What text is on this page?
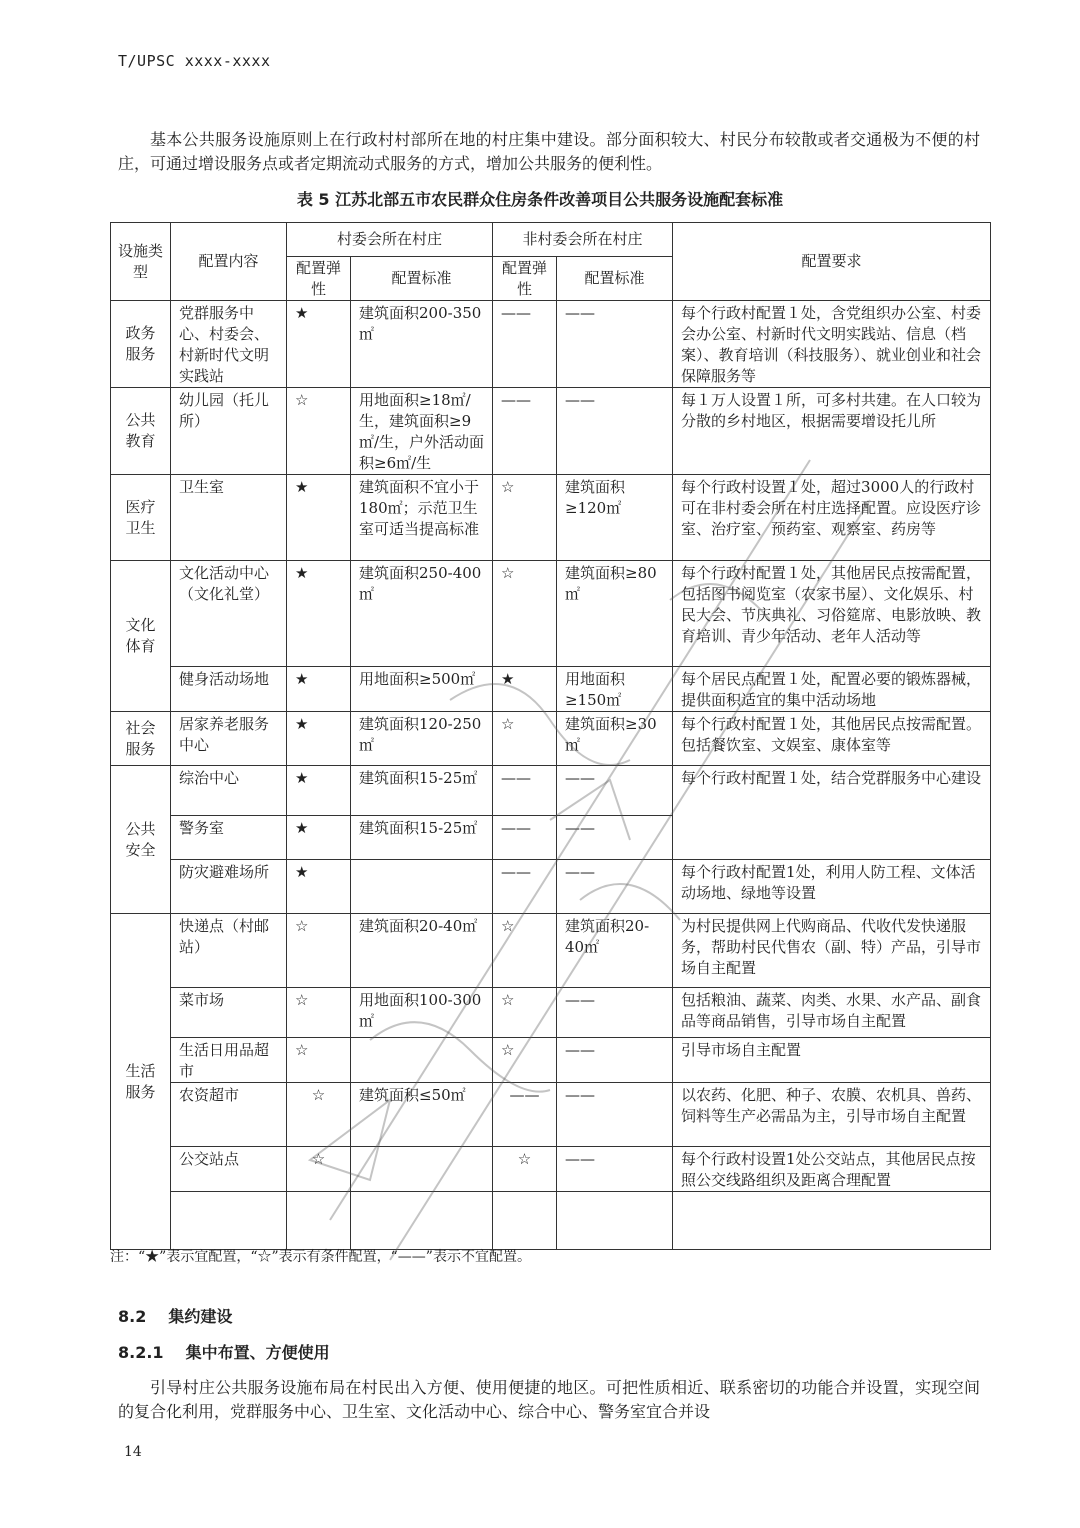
T/UPSC xxxx-xxxx

基本公共服务设施原则上在行政村村部所在地的村庄集中建设。部分面积较大、村民分布较散或者交通极为不便的村庄，可通过增设服务点或者定期流动式服务的方式，增加公共服务的便利性。

表 5 江苏北部五市农民群众住房条件改善项目公共服务设施配套标准
设施类型	配置内容	村委会所在村庄		非村委会所在村庄		配置要求
		配置弹性	配置标准	配置弹性	配置标准	
政务服务	党群服务中心、村委会、村新时代文明实践站	★	建筑面积200-350㎡	——	——	每个行政村配置１处，含党组织办公室、村委会办公室、村新时代文明实践站、信息（档案）、教育培训（科技服务）、就业创业和社会保障服务等
公共教育	幼儿园（托儿所）	☆	用地面积≥18㎡/生，建筑面积≥9㎡/生，户外活动面积≥6㎡/生	——	——	每１万人设置１所，可多村共建。在人口较为分散的乡村地区，根据需要增设托儿所
医疗卫生	卫生室	★	建筑面积不宜小于180㎡；示范卫生室可适当提高标准	☆	建筑面积≥120㎡	每个行政村设置１处，超过3000人的行政村可在非村委会所在村庄选择配置。应设医疗诊室、治疗室、预药室、观察室、药房等
文化体育	文化活动中心（文化礼堂）	★	建筑面积250-400㎡	☆	建筑面积≥80㎡	每个行政村配置１处，其他居民点按需配置，包括图书阅览室（农家书屋）、文化娱乐、村民大会、节庆典礼、习俗筵席、电影放映、教育培训、青少年活动、老年人活动等
	健身活动场地	★	用地面积≥500㎡	★	用地面积≥150㎡	每个居民点配置１处，配置必要的锻炼器械，提供面积适宜的集中活动场地
社会服务	居家养老服务中心	★	建筑面积120-250㎡	☆	建筑面积≥30㎡	每个行政村配置１处，其他居民点按需配置。包括餐饮室、文娱室、康体室等
公共安全	综治中心	★	建筑面积15-25㎡	——	——	每个行政村配置１处，结合党群服务中心建设
	警务室	★	建筑面积15-25㎡	——	——	
	防灾避难场所	★		——	——	每个行政村配置1处，利用人防工程、文体活动场地、绿地等设置
生活服务	快递点（村邮站）	☆	建筑面积20-40㎡	☆	建筑面积20-40㎡	为村民提供网上代购商品、代收代发快递服务，帮助村民代售农（副、特）产品，引导市场自主配置
	菜市场	☆	用地面积100-300㎡	☆	——	包括粮油、蔬菜、肉类、水果、水产品、副食品等商品销售，引导市场自主配置
	生活日用品超市	☆		☆	——	引导市场自主配置
	农资超市	☆	建筑面积≤50㎡	——	——	以农药、化肥、种子、农膜、农机具、兽药、饲料等生产必需品为主，引导市场自主配置
	公交站点	☆		☆	——	每个行政村设置1处公交站点，其他居民点按照公交线路组织及距离合理配置

注：“★”表示宜配置，“☆”表示有条件配置，“——”表示不宜配置。
8.2 集约建设
8.2.1 集中布置、方便使用

引导村庄公共服务设施布局在村民出入方便、使用便捷的地区。可把性质相近、联系密切的功能合并设置，实现空间的复合化利用，党群服务中心、卫生室、文化活动中心、综合中心、警务室宜合并设

14
